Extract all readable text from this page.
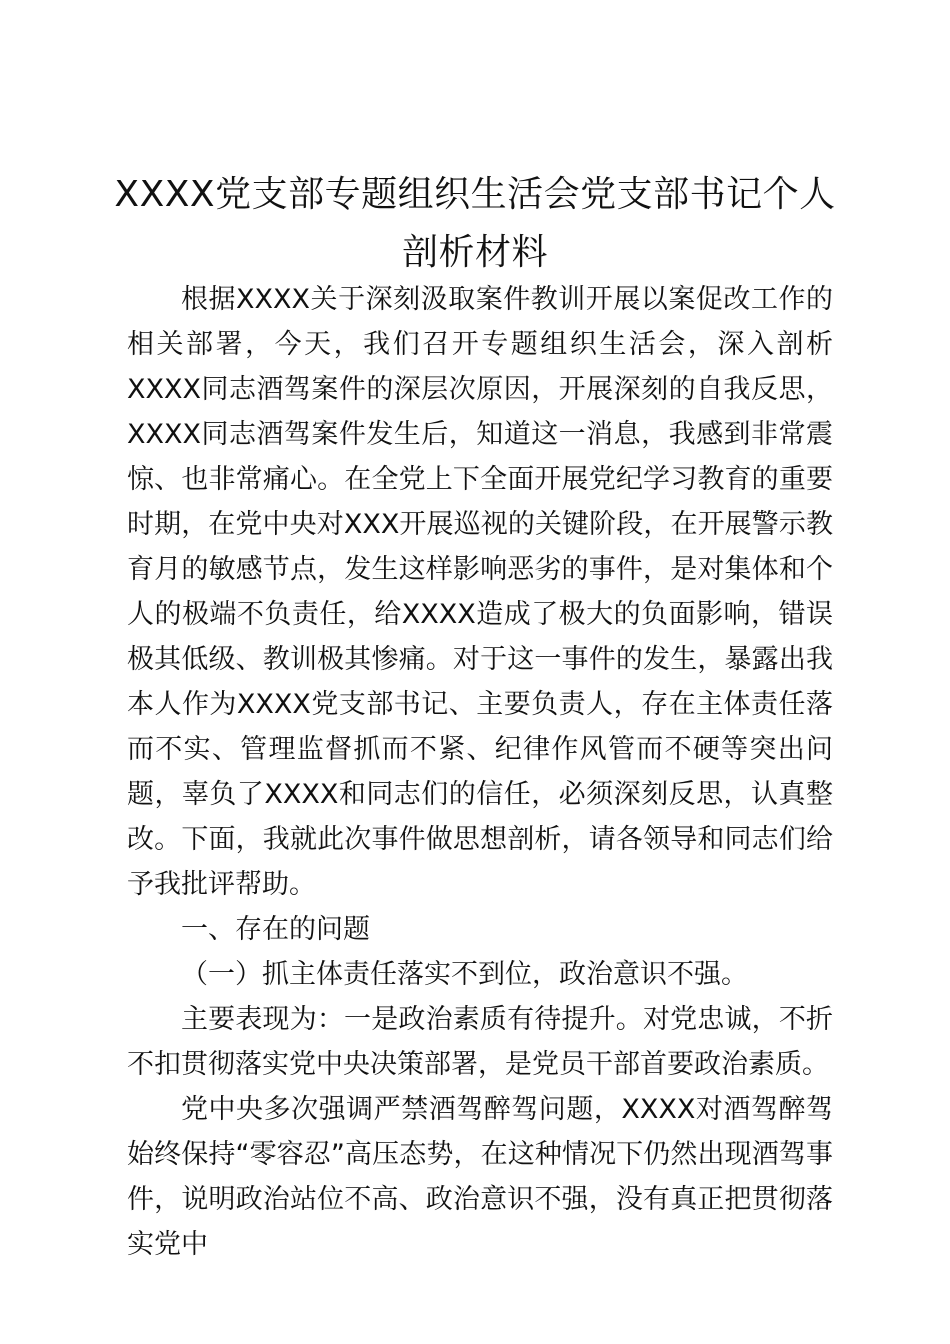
XXXX党支部专题组织生活会党支部书记个人
剖析材料

根据XXXX关于深刻汲取案件教训开展以案促改工作的相关部署，今天，我们召开专题组织生活会，深入剖析XXXX同志酒驾案件的深层次原因，开展深刻的自我反思，XXXX同志酒驾案件发生后，知道这一消息，我感到非常震惊、也非常痛心。在全党上下全面开展党纪学习教育的重要时期，在党中央对XXX开展巡视的关键阶段，在开展警示教育月的敏感节点，发生这样影响恶劣的事件，是对集体和个人的极端不负责任，给XXXX造成了极大的负面影响，错误极其低级、教训极其惨痛。对于这一事件的发生，暴露出我本人作为XXXX党支部书记、主要负责人，存在主体责任落而不实、管理监督抓而不紧、纪律作风管而不硬等突出问题，辜负了XXXX和同志们的信任，必须深刻反思，认真整改。下面，我就此次事件做思想剖析，请各领导和同志们给予我批评帮助。

一、存在的问题

（一）抓主体责任落实不到位，政治意识不强。

主要表现为：一是政治素质有待提升。对党忠诚，不折不扣贯彻落实党中央决策部署，是党员干部首要政治素质。

党中央多次强调严禁酒驾醉驾问题，XXXX对酒驾醉驾始终保持“零容忍”高压态势，在这种情况下仍然出现酒驾事件，说明政治站位不高、政治意识不强，没有真正把贯彻落实党中
